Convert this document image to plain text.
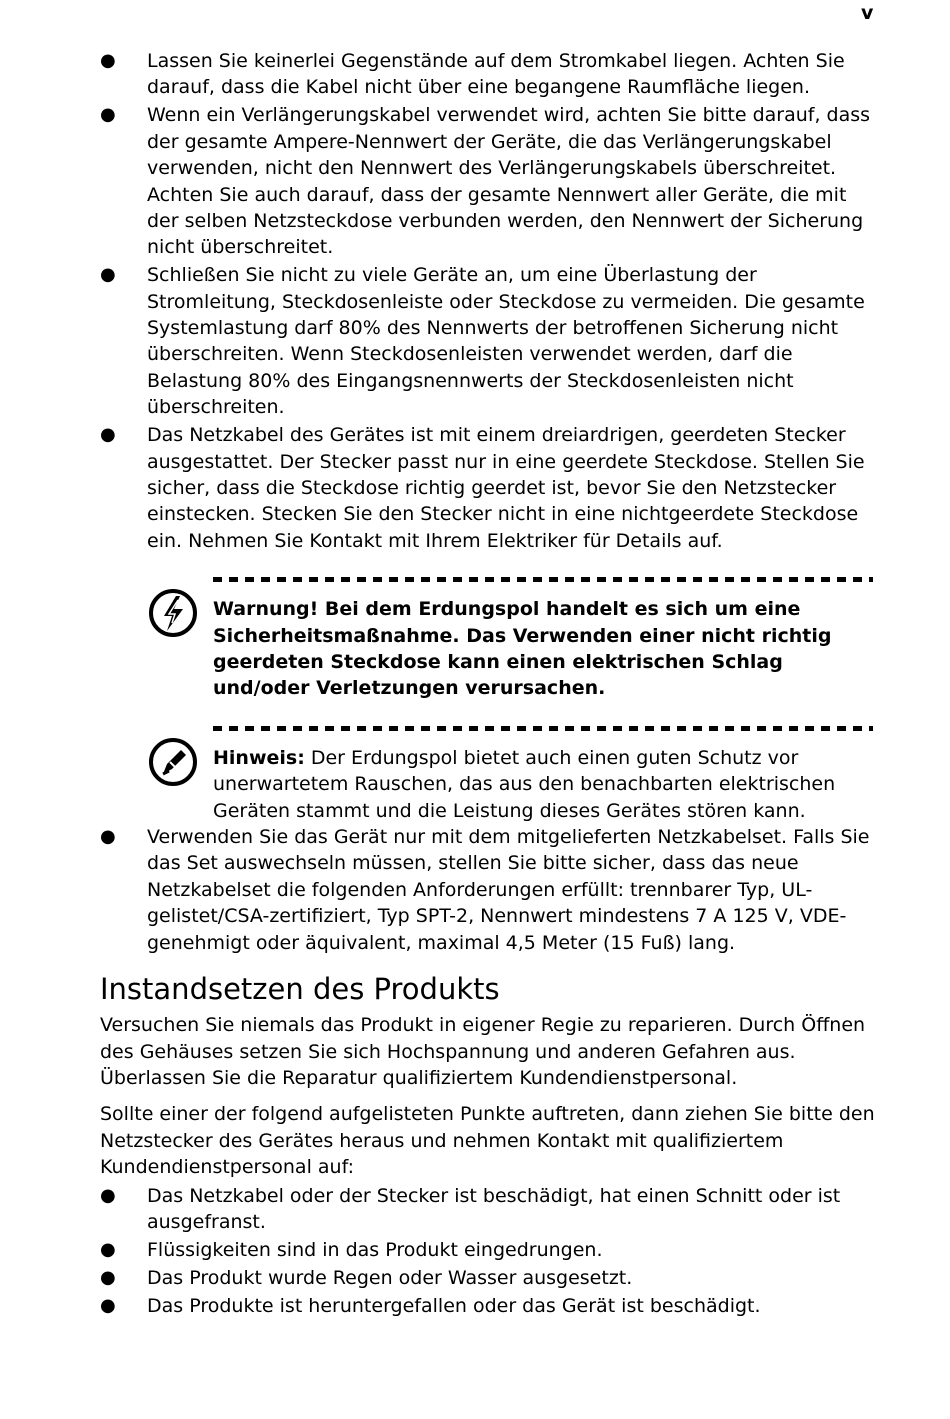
v
● Lassen Sie keinerlei Gegenstände auf dem Stromkabel liegen. Achten Sie darauf, dass die Kabel nicht über eine begangene Raumfläche liegen.
● Wenn ein Verlängerungskabel verwendet wird, achten Sie bitte darauf, dass der gesamte Ampere-Nennwert der Geräte, die das Verlängerungskabel verwenden, nicht den Nennwert des Verlängerungskabels überschreitet. Achten Sie auch darauf, dass der gesamte Nennwert aller Geräte, die mit der selben Netzsteckdose verbunden werden, den Nennwert der Sicherung nicht überschreitet.
● Schließen Sie nicht zu viele Geräte an, um eine Überlastung der Stromleitung, Steckdosenleiste oder Steckdose zu vermeiden. Die gesamte Systemlastung darf 80% des Nennwerts der betroffenen Sicherung nicht überschreiten. Wenn Steckdosenleisten verwendet werden, darf die Belastung 80% des Eingangsnennwerts der Steckdosenleisten nicht überschreiten.
● Das Netzkabel des Gerätes ist mit einem dreiardrigen, geerdeten Stecker ausgestattet. Der Stecker passt nur in eine geerdete Steckdose. Stellen Sie sicher, dass die Steckdose richtig geerdet ist, bevor Sie den Netzstecker einstecken. Stecken Sie den Stecker nicht in eine nichtgeerdete Steckdose ein. Nehmen Sie Kontakt mit Ihrem Elektriker für Details auf.

Warnung! Bei dem Erdungspol handelt es sich um eine Sicherheitsmaßnahme. Das Verwenden einer nicht richtig geerdeten Steckdose kann einen elektrischen Schlag und/oder Verletzungen verursachen.

Hinweis: Der Erdungspol bietet auch einen guten Schutz vor unerwartetem Rauschen, das aus den benachbarten elektrischen Geräten stammt und die Leistung dieses Gerätes stören kann.

● Verwenden Sie das Gerät nur mit dem mitgelieferten Netzkabelset. Falls Sie das Set auswechseln müssen, stellen Sie bitte sicher, dass das neue Netzkabelset die folgenden Anforderungen erfüllt: trennbarer Typ, UL-gelistet/CSA-zertifiziert, Typ SPT-2, Nennwert mindestens 7 A 125 V, VDE-genehmigt oder äquivalent, maximal 4,5 Meter (15 Fuß) lang.
Instandsetzen des Produkts

Versuchen Sie niemals das Produkt in eigener Regie zu reparieren. Durch Öffnen des Gehäuses setzen Sie sich Hochspannung und anderen Gefahren aus. Überlassen Sie die Reparatur qualifiziertem Kundendienstpersonal.

Sollte einer der folgend aufgelisteten Punkte auftreten, dann ziehen Sie bitte den Netzstecker des Gerätes heraus und nehmen Kontakt mit qualifiziertem Kundendienstpersonal auf:

● Das Netzkabel oder der Stecker ist beschädigt, hat einen Schnitt oder ist ausgefranst.
● Flüssigkeiten sind in das Produkt eingedrungen.
● Das Produkt wurde Regen oder Wasser ausgesetzt.
● Das Produkte ist heruntergefallen oder das Gerät ist beschädigt.
